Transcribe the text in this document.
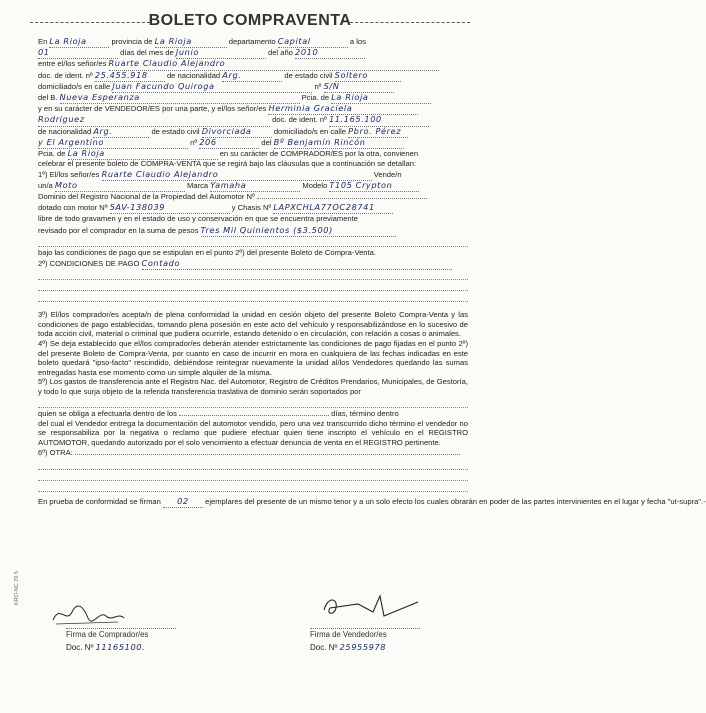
BOLETO COMPRAVENTA
En La Rioja	provincia de La Rioja	departamento Capital	a los
01	días del mes de Junio	del año 2010
entre el/los señor/es Ruarte Claudio Alejandro
doc. de ident. nº 25.455.918	de nacionalidad Arg.	de estado civil Soltero
domiciliado/s en calle Juan Facundo Quiroga	nº S/N
del B. Nueva Esperanza	Pcia. de La Rioja
y en su carácter de VENDEDOR/ES por una parte, y el/los señor/es Herminia Graciela
Rodriguez	doc. de ident. nº 11.165.100
de nacionalidad Arg.	de estado civil Divorciada	domiciliado/s en calle Pbro. Pérez
y El Argentino	nº 206	del Bº Benjamín Rincón
Pcia. de La Rioja	en su carácter de COMPRADOR/ES por la otra, convienen

celebrar el presente boleto de COMPRA-VENTA que se regirá bajo las cláusulas que a continuación se detallan:

1º) El/los señor/es Ruarte Claudio Alejandro	Vende/n
un/a Moto	Marca Yamaha	Modelo T105 Crypton
Dominio del Registro Nacional de la Propiedad del Automotor Nº
dotado con motor Nº 5AV-138039	y Chasis Nº LAPXCHLA77OC28741
libre de todo gravamen y en el estado de uso y conservación en que se encuentra previamente
revisado por el comprador en la suma de pesos Tres Mil Quinientos ($3.500)
bajo las condiciones de pago que se estipulan en el punto 2º) del presente Boleto de Compra-Venta.
2º) CONDICIONES DE PAGO Contado

3º) El/los comprador/es acepta/n de plena conformidad la unidad en cesión objeto del presente Boleto Compra-Venta y las condiciones de pago establecidas, tomando plena posesión en este acto del vehículo y responsabilizándose en lo sucesivo de toda acción civil, material o criminal que pudiera ocurrirle, estando detenido o en circulación, con relación a cosas o animales.

4º) Se deja establecido que el/los comprador/es deberán atender estrictamente las condiciones de pago fijadas en el punto 2º) del presente Boleto de Compra-Venta, por cuanto en caso de incurrir en mora en cualquiera de las fechas indicadas en este boleto quedará "ipso-facto" rescindido, debiéndose reintegrar nuevamente la unidad al/los Vendedores quedando las sumas entregadas hasta ese momento como un simple alquiler de la misma.

5º) Los gastos de transferencia ante el Registro Nac. del Automotor, Registro de Créditos Prendarios, Municipales, de Gestoría, y todo lo que surja objeto de la referida transferencia traslativa de dominio serán soportados por

quien se obliga a efectuarla dentro de los	días, término dentro

del cual el Vendedor entrega la documentación del automotor vendido, pero una vez transcurrido dicho término el vendedor no se responsabiliza por la negativa o reclamo que pudiere efectuar quien tiene inscripto el vehículo en el REGISTRO AUTOMOTOR, quedando autorizado por el solo vencimiento a efectuar denuncia de venta en el REGISTRO pertinente.

6º) OTRA:
En prueba de conformidad se firman 02 ejemplares del presente de un mismo tenor y a un solo efecto los cuales obrarán en poder de las partes intervinientes en el lugar y fecha "ut-supra".-
Firma de Comprador/es	Firma de Vendedor/es
Doc. Nº 11165100.	Doc. Nº 25955978
KRO-NC 70 5
